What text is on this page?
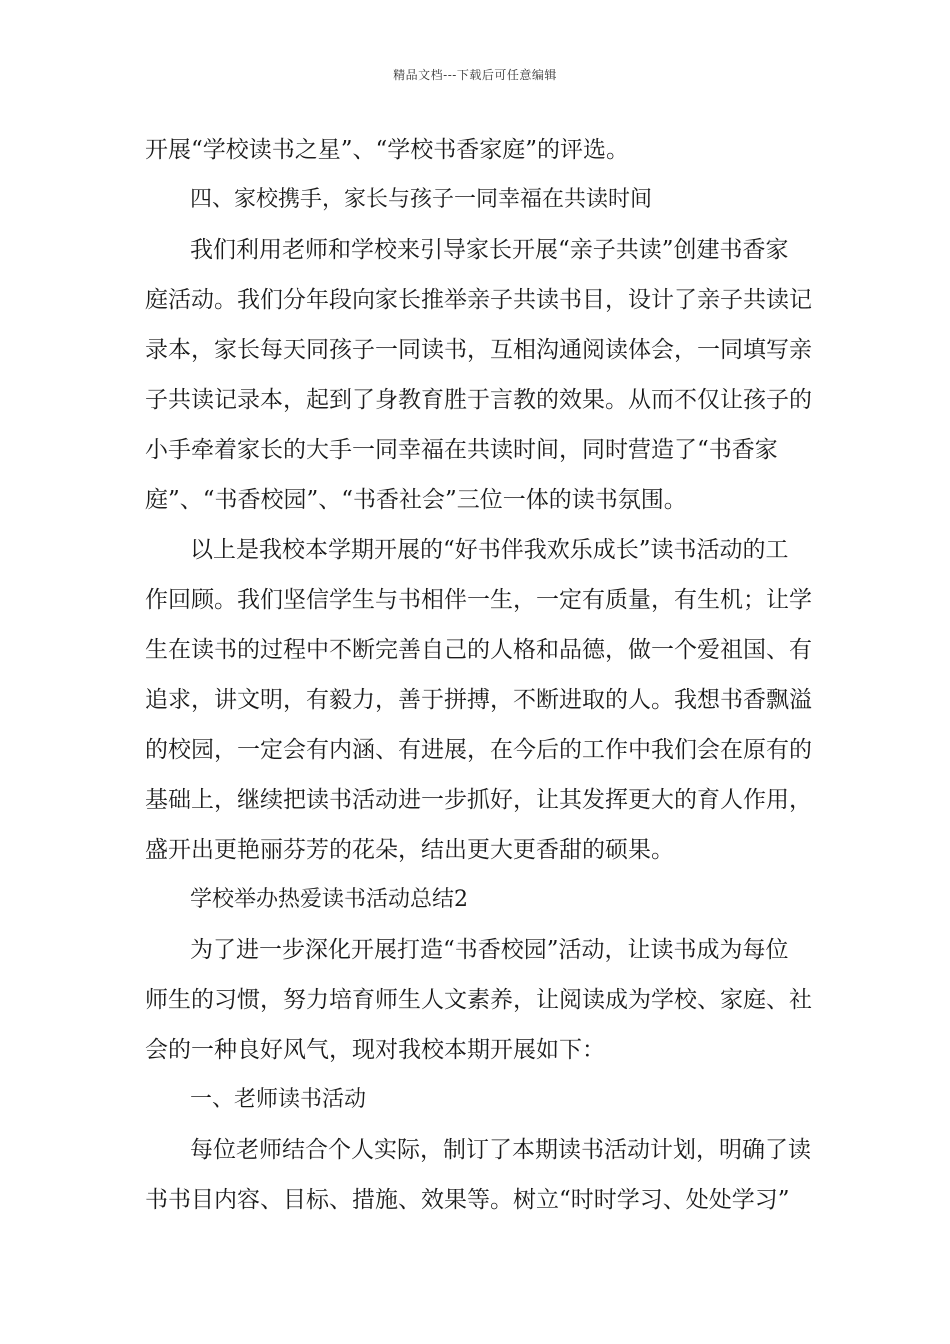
精品文档---下载后可任意编辑
开展“学校读书之星”、“学校书香家庭”的评选。
四、家校携手，家长与孩子一同幸福在共读时间
我们利用老师和学校来引导家长开展“亲子共读”创建书香家
庭活动。我们分年段向家长推举亲子共读书目，设计了亲子共读记
录本，家长每天同孩子一同读书，互相沟通阅读体会，一同填写亲
子共读记录本，起到了身教育胜于言教的效果。从而不仅让孩子的
小手牵着家长的大手一同幸福在共读时间，同时营造了“书香家
庭”、“书香校园”、“书香社会”三位一体的读书氛围。
以上是我校本学期开展的“好书伴我欢乐成长”读书活动的工
作回顾。我们坚信学生与书相伴一生，一定有质量，有生机；让学
生在读书的过程中不断完善自己的人格和品德，做一个爱祖国、有
追求，讲文明，有毅力，善于拼搏，不断进取的人。我想书香飘溢
的校园，一定会有内涵、有进展，在今后的工作中我们会在原有的
基础上，继续把读书活动进一步抓好，让其发挥更大的育人作用，
盛开出更艳丽芬芳的花朵，结出更大更香甜的硕果。
学校举办热爱读书活动总结2
为了进一步深化开展打造“书香校园”活动，让读书成为每位
师生的习惯，努力培育师生人文素养，让阅读成为学校、家庭、社
会的一种良好风气，现对我校本期开展如下：
一、老师读书活动
每位老师结合个人实际，制订了本期读书活动计划，明确了读
书书目内容、目标、措施、效果等。树立“时时学习、处处学习”
